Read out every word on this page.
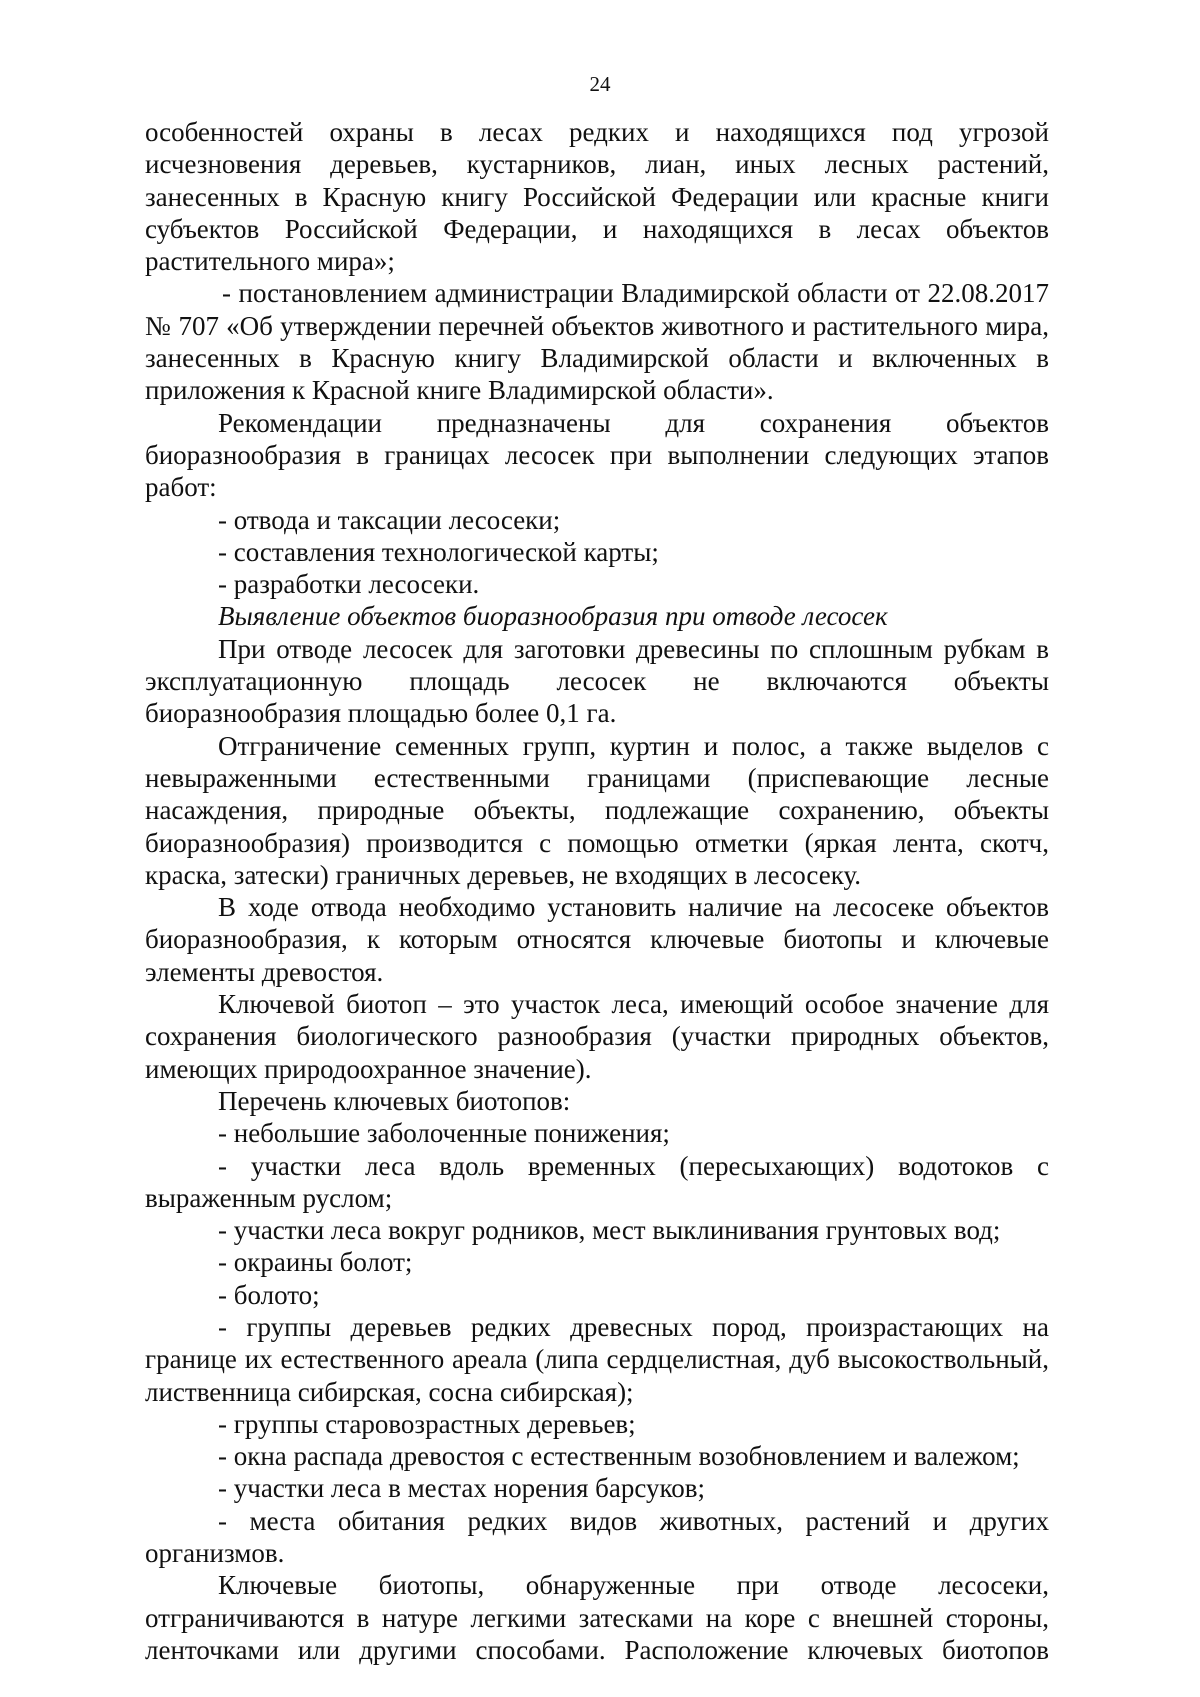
24

особенностей охраны в лесах редких и находящихся под угрозой исчезновения деревьев, кустарников, лиан, иных лесных растений, занесенных в Красную книгу Российской Федерации или красные книги субъектов Российской Федерации, и находящихся в лесах объектов растительного мира»;

- постановлением администрации Владимирской области от 22.08.2017 № 707 «Об утверждении перечней объектов животного и растительного мира, занесенных в Красную книгу Владимирской области и включенных в приложения к Красной книге Владимирской области».

Рекомендации предназначены для сохранения объектов биоразнообразия в границах лесосек при выполнении следующих этапов работ:

- отвода и таксации лесосеки;

- составления технологической карты;

- разработки лесосеки.

Выявление объектов биоразнообразия при отводе лесосек

При отводе лесосек для заготовки древесины по сплошным рубкам в эксплуатационную площадь лесосек не включаются объекты биоразнообразия площадью более 0,1 га.

Отграничение семенных групп, куртин и полос, а также выделов с невыраженными естественными границами (приспевающие лесные насаждения, природные объекты, подлежащие сохранению, объекты биоразнообразия) производится с помощью отметки (яркая лента, скотч, краска, затески) граничных деревьев, не входящих в лесосеку.

В ходе отвода необходимо установить наличие на лесосеке объектов биоразнообразия, к которым относятся ключевые биотопы и ключевые элементы древостоя.

Ключевой биотоп – это участок леса, имеющий особое значение для сохранения биологического разнообразия (участки природных объектов, имеющих природоохранное значение).

Перечень ключевых биотопов:

- небольшие заболоченные понижения;

- участки леса вдоль временных (пересыхающих) водотоков с выраженным руслом;

- участки леса вокруг родников, мест выклинивания грунтовых вод;

- окраины болот;

- болото;

- группы деревьев редких древесных пород, произрастающих на границе их естественного ареала (липа сердцелистная, дуб высокоствольный, лиственница сибирская, сосна сибирская);

- группы старовозрастных деревьев;

- окна распада древостоя с естественным возобновлением и валежом;

- участки леса в местах норения барсуков;

- места обитания редких видов животных, растений и других организмов.

Ключевые биотопы, обнаруженные при отводе лесосеки, отграничиваются в натуре легкими затесками на коре с внешней стороны, ленточками или другими способами. Расположение ключевых биотопов
